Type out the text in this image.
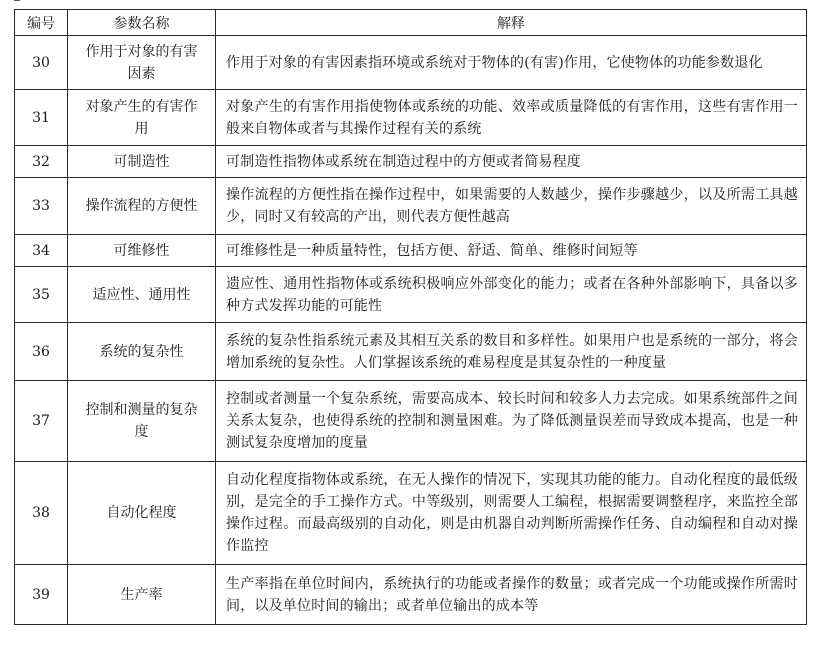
编号	参数名称	解释
30	作用于对象的有害因素	作用于对象的有害因素指环境或系统对于物体的(有害)作用，它使物体的功能参数退化
31	对象产生的有害作用	对象产生的有害作用指使物体或系统的功能、效率或质量降低的有害作用，这些有害作用一般来自物体或者与其操作过程有关的系统
32	可制造性	可制造性指物体或系统在制造过程中的方便或者简易程度
33	操作流程的方便性	操作流程的方便性指在操作过程中，如果需要的人数越少，操作步骤越少，以及所需工具越少，同时又有较高的产出，则代表方便性越高
34	可维修性	可维修性是一种质量特性，包括方便、舒适、简单、维修时间短等
35	适应性、通用性	遗应性、通用性指物体或系统积极响应外部变化的能力；或者在各种外部影响下，具备以多种方式发挥功能的可能性
36	系统的复杂性	系统的复杂性指系统元素及其相互关系的数目和多样性。如果用户也是系统的一部分，将会增加系统的复杂性。人们掌握该系统的难易程度是其复杂性的一种度量
37	控制和测量的复杂度	控制或者测量一个复杂系统，需要高成本、较长时间和较多人力去完成。如果系统部件之间关系太复杂，也使得系统的控制和测量困难。为了降低测量误差而导致成本提高，也是一种测试复杂度增加的度量
38	自动化程度	自动化程度指物体或系统，在无人操作的情况下，实现其功能的能力。自动化程度的最低级别，是完全的手工操作方式。中等级别，则需要人工编程，根据需要调整程序，来监控全部操作过程。而最高级别的自动化，则是由机器自动判断所需操作任务、自动编程和自动对操作监控
39	生产率	生产率指在单位时间内，系统执行的功能或者操作的数量；或者完成一个功能或操作所需时间，以及单位时间的输出；或者单位输出的成本等
